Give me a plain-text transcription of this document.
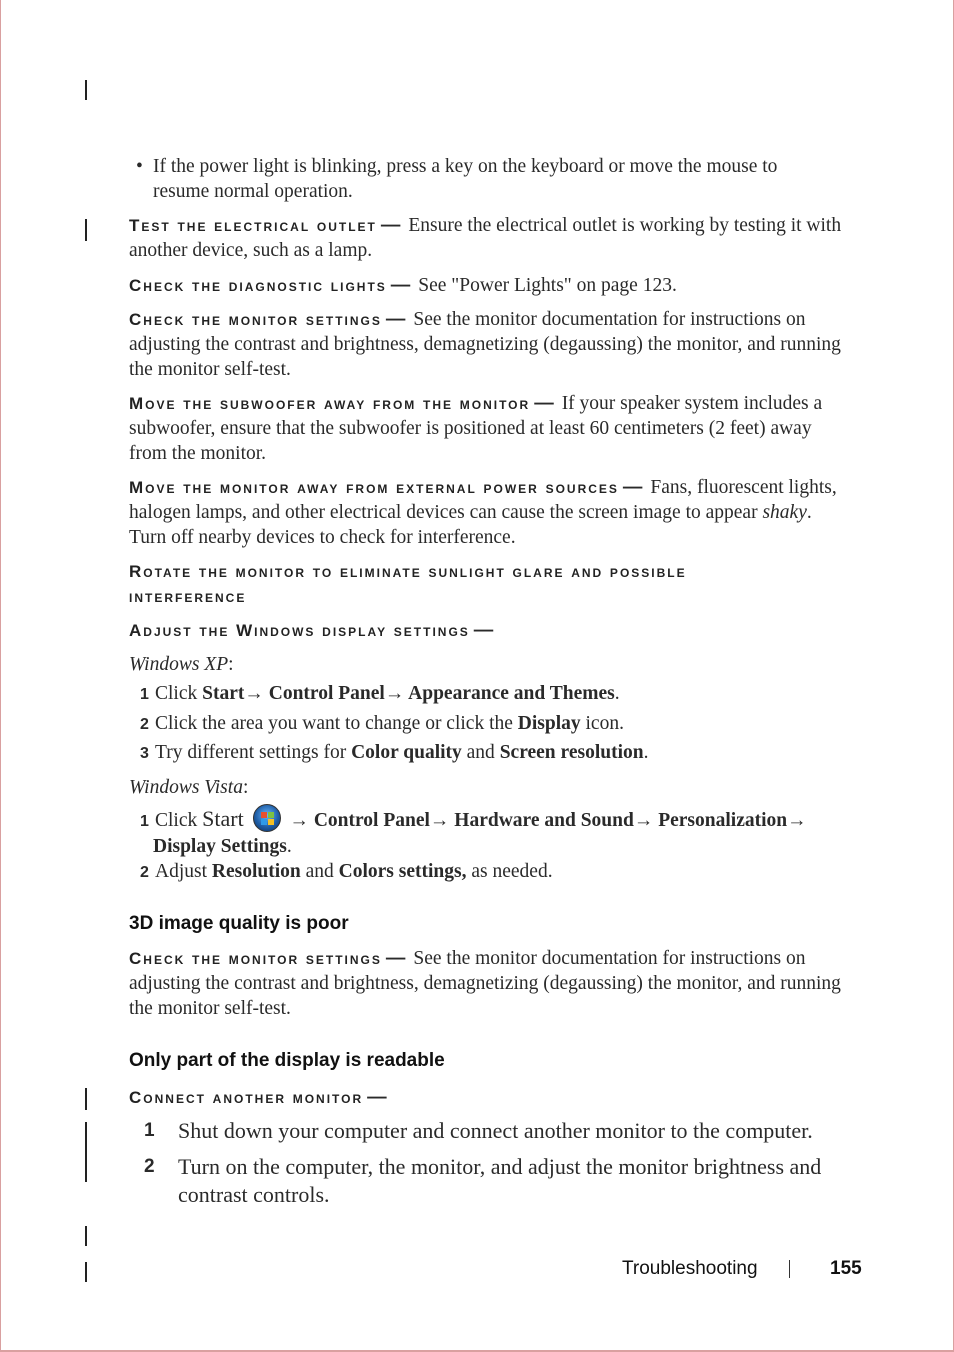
• If the power light is blinking, press a key on the keyboard or move the mouse to
resume normal operation.
Test the electrical outlet — Ensure the electrical outlet is working by testing it with another device, such as a lamp.
Check the diagnostic lights — See "Power Lights" on page 123.
Check the monitor settings — See the monitor documentation for instructions on adjusting the contrast and brightness, demagnetizing (degaussing) the monitor, and running the monitor self-test.
Move the subwoofer away from the monitor — If your speaker system includes a subwoofer, ensure that the subwoofer is positioned at least 60 centimeters (2 feet) away from the monitor.
Move the monitor away from external power sources — Fans, fluorescent lights, halogen lamps, and other electrical devices can cause the screen image to appear shaky. Turn off nearby devices to check for interference.
Rotate the monitor to eliminate sunlight glare and possible
interference
Adjust the Windows display settings —
Windows XP:
1 Click Start→ Control Panel→ Appearance and Themes.
2 Click the area you want to change or click the Display icon.
3 Try different settings for Color quality and Screen resolution.
Windows Vista:
1 Click Start → Control Panel→ Hardware and Sound→ Personalization→
Display Settings.
2 Adjust Resolution and Colors settings, as needed.
3D image quality is poor
Check the monitor settings — See the monitor documentation for instructions on adjusting the contrast and brightness, demagnetizing (degaussing) the monitor, and running the monitor self-test.
Only part of the display is readable
Connect another monitor —
1 Shut down your computer and connect another monitor to the computer.
2 Turn on the computer, the monitor, and adjust the monitor brightness and contrast controls.
Troubleshooting	155
